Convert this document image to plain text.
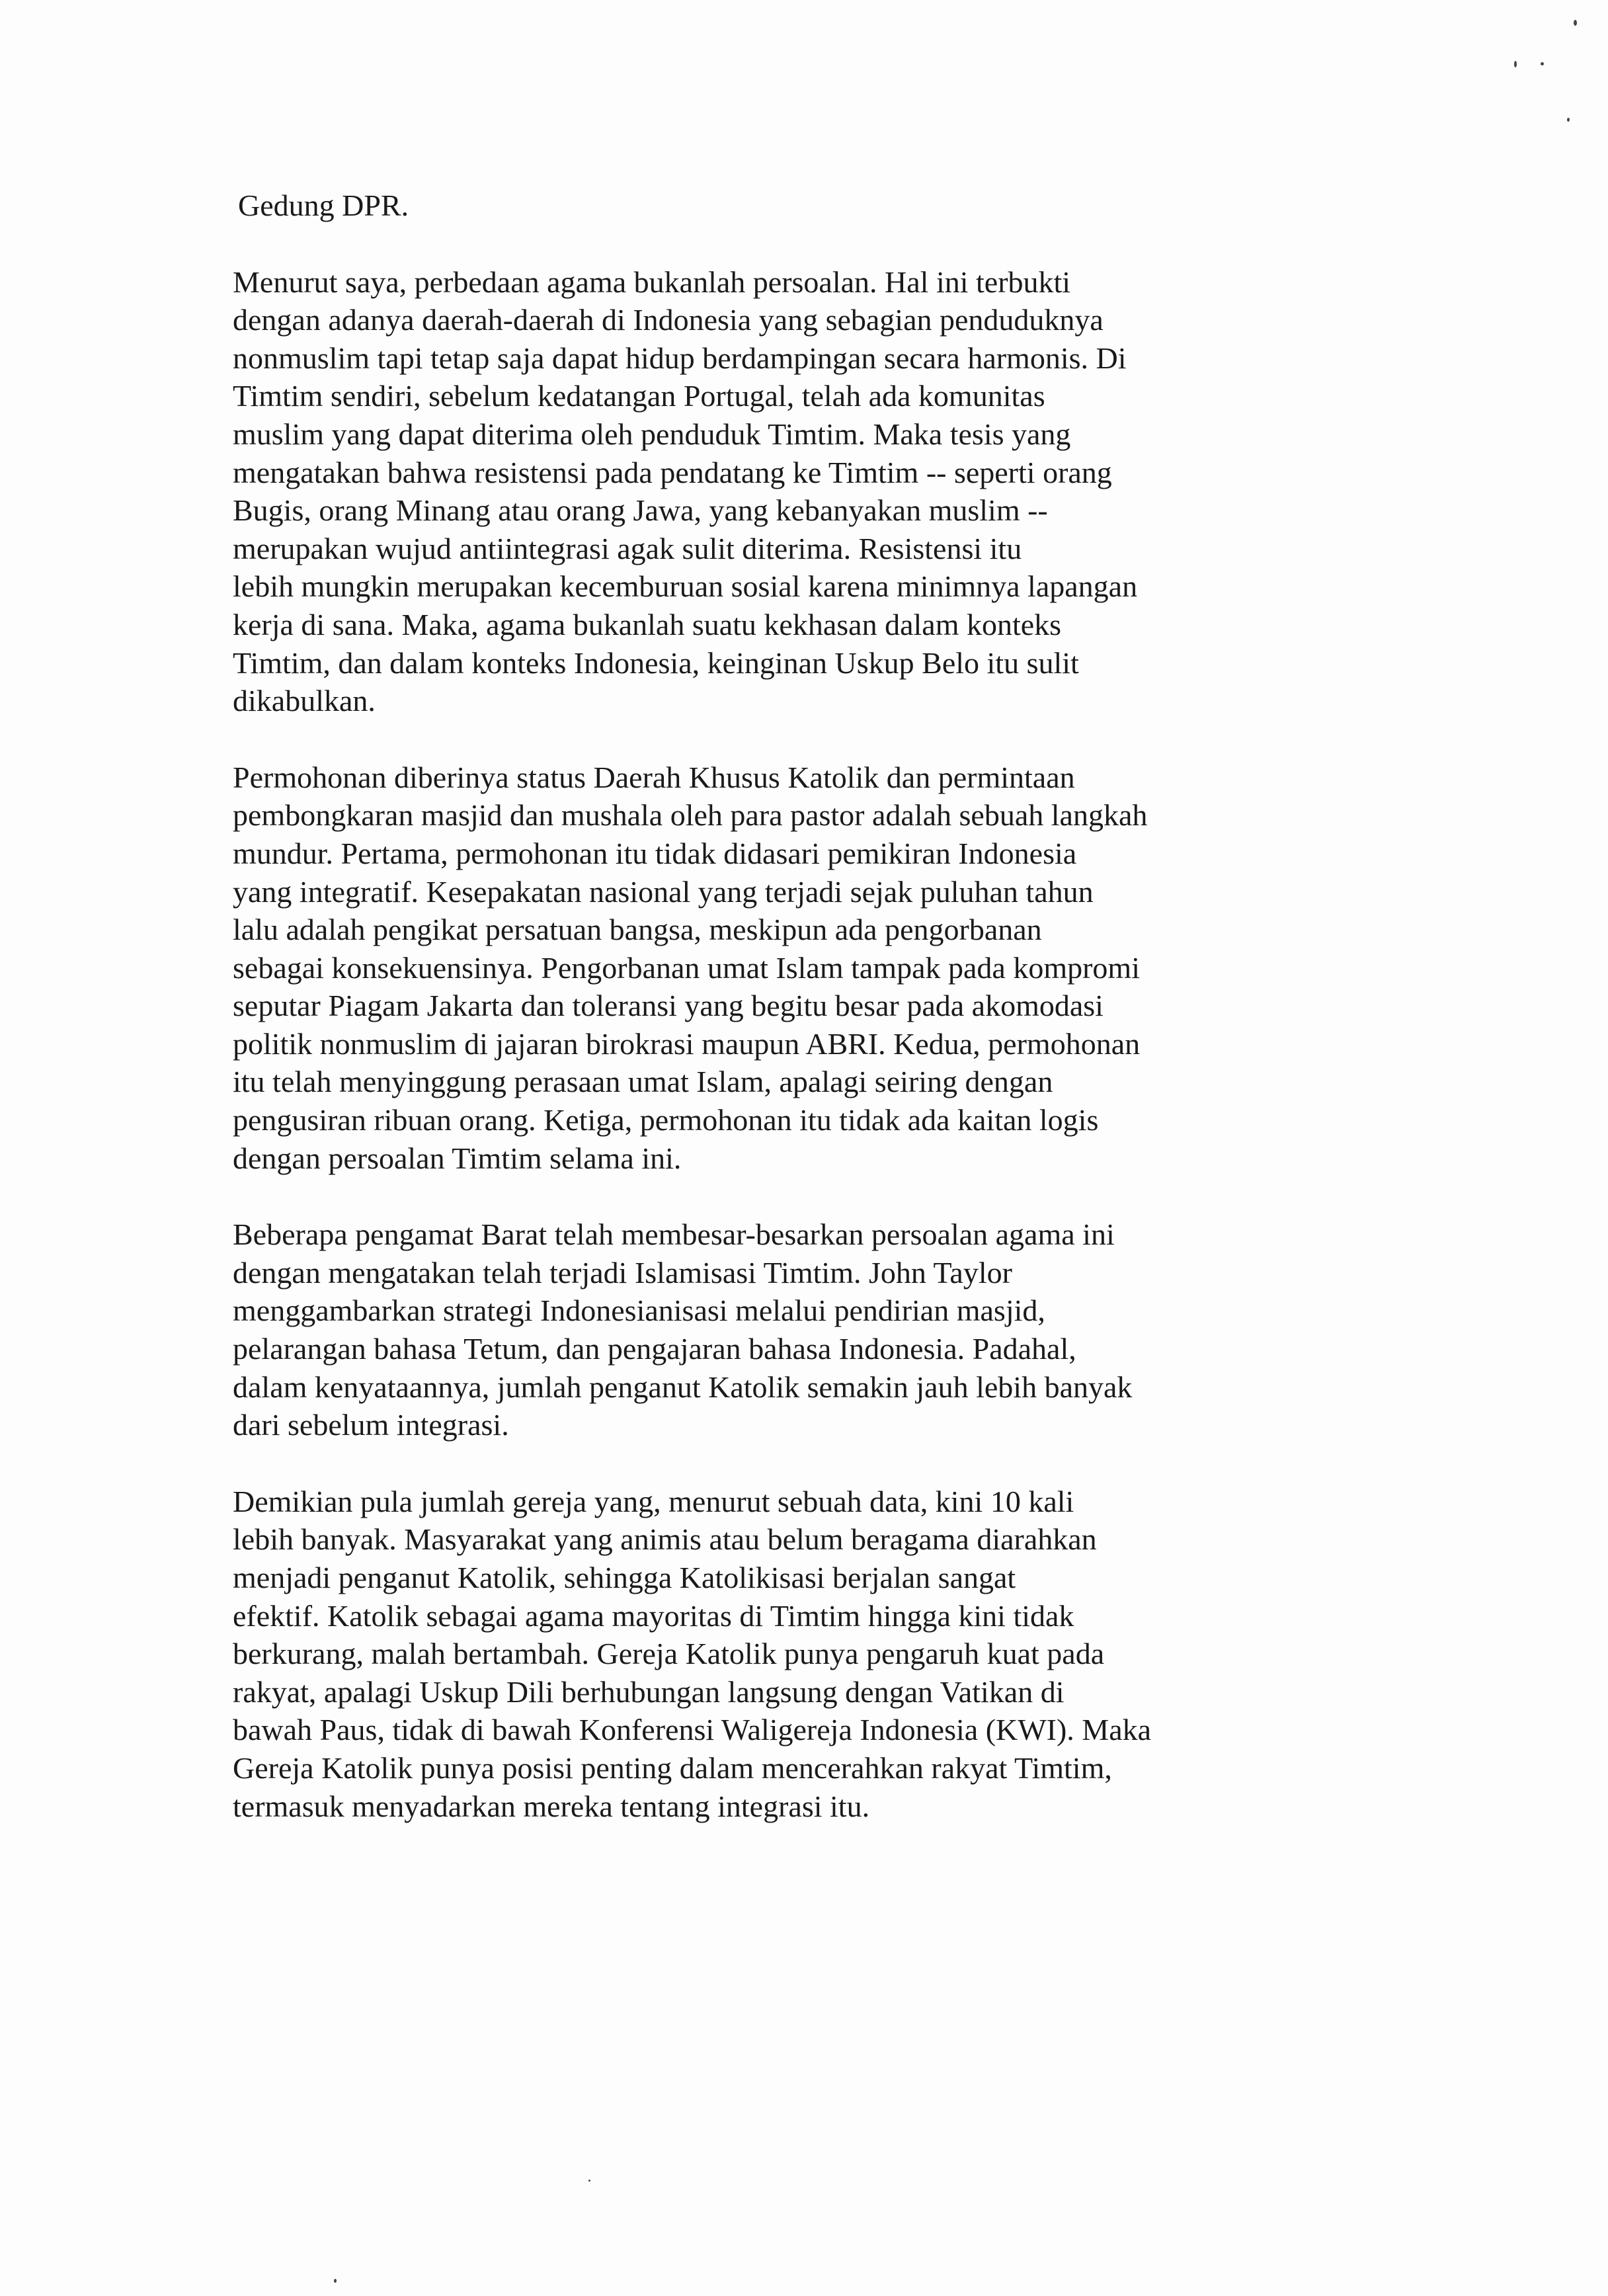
Gedung DPR.
Menurut saya, perbedaan agama bukanlah persoalan. Hal ini terbukti
dengan adanya daerah-daerah di Indonesia yang sebagian penduduknya
nonmuslim tapi tetap saja dapat hidup berdampingan secara harmonis. Di
Timtim sendiri, sebelum kedatangan Portugal, telah ada komunitas
muslim yang dapat diterima oleh penduduk Timtim. Maka tesis yang
mengatakan bahwa resistensi pada pendatang ke Timtim -- seperti orang
Bugis, orang Minang atau orang Jawa, yang kebanyakan muslim --
merupakan wujud antiintegrasi agak sulit diterima. Resistensi itu
lebih mungkin merupakan kecemburuan sosial karena minimnya lapangan
kerja di sana. Maka, agama bukanlah suatu kekhasan dalam konteks
Timtim, dan dalam konteks Indonesia, keinginan Uskup Belo itu sulit
dikabulkan.
Permohonan diberinya status Daerah Khusus Katolik dan permintaan
pembongkaran masjid dan mushala oleh para pastor adalah sebuah langkah
mundur. Pertama, permohonan itu tidak didasari pemikiran Indonesia
yang integratif. Kesepakatan nasional yang terjadi sejak puluhan tahun
lalu adalah pengikat persatuan bangsa, meskipun ada pengorbanan
sebagai konsekuensinya. Pengorbanan umat Islam tampak pada kompromi
seputar Piagam Jakarta dan toleransi yang begitu besar pada akomodasi
politik nonmuslim di jajaran birokrasi maupun ABRI. Kedua, permohonan
itu telah menyinggung perasaan umat Islam, apalagi seiring dengan
pengusiran ribuan orang. Ketiga, permohonan itu tidak ada kaitan logis
dengan persoalan Timtim selama ini.
Beberapa pengamat Barat telah membesar-besarkan persoalan agama ini
dengan mengatakan telah terjadi Islamisasi Timtim. John Taylor
menggambarkan strategi Indonesianisasi melalui pendirian masjid,
pelarangan bahasa Tetum, dan pengajaran bahasa Indonesia. Padahal,
dalam kenyataannya, jumlah penganut Katolik semakin jauh lebih banyak
dari sebelum integrasi.
Demikian pula jumlah gereja yang, menurut sebuah data, kini 10 kali
lebih banyak. Masyarakat yang animis atau belum beragama diarahkan
menjadi penganut Katolik, sehingga Katolikisasi berjalan sangat
efektif. Katolik sebagai agama mayoritas di Timtim hingga kini tidak
berkurang, malah bertambah. Gereja Katolik punya pengaruh kuat pada
rakyat, apalagi Uskup Dili berhubungan langsung dengan Vatikan di
bawah Paus, tidak di bawah Konferensi Waligereja Indonesia (KWI). Maka
Gereja Katolik punya posisi penting dalam mencerahkan rakyat Timtim,
termasuk menyadarkan mereka tentang integrasi itu.
